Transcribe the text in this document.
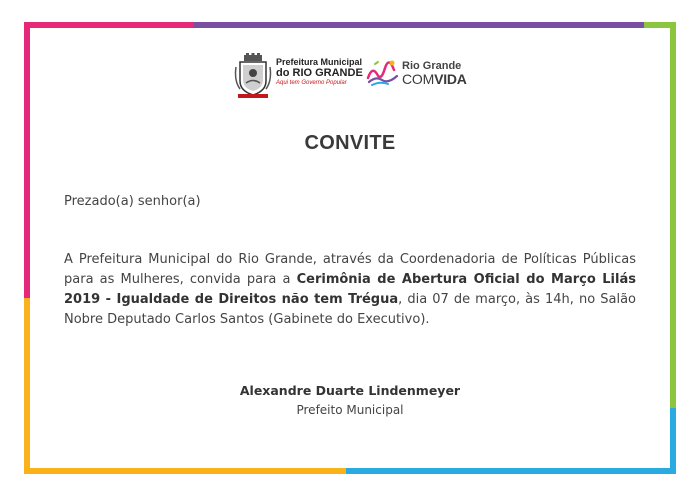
Prefeitura Municipal
do RIO GRANDE
Aqui tem Governo Popular
Rio Grande
COMVIDA
CONVITE
Prezado(a) senhor(a)
A Prefeitura Municipal do Rio Grande, através da Coordenadoria de Políticas Públicas para as Mulheres, convida para a Cerimônia de Abertura Oficial do Março Lilás 2019 - Igualdade de Direitos não tem Trégua, dia 07 de março, às 14h, no Salão Nobre Deputado Carlos Santos (Gabinete do Executivo).
Alexandre Duarte Lindenmeyer
Prefeito Municipal
